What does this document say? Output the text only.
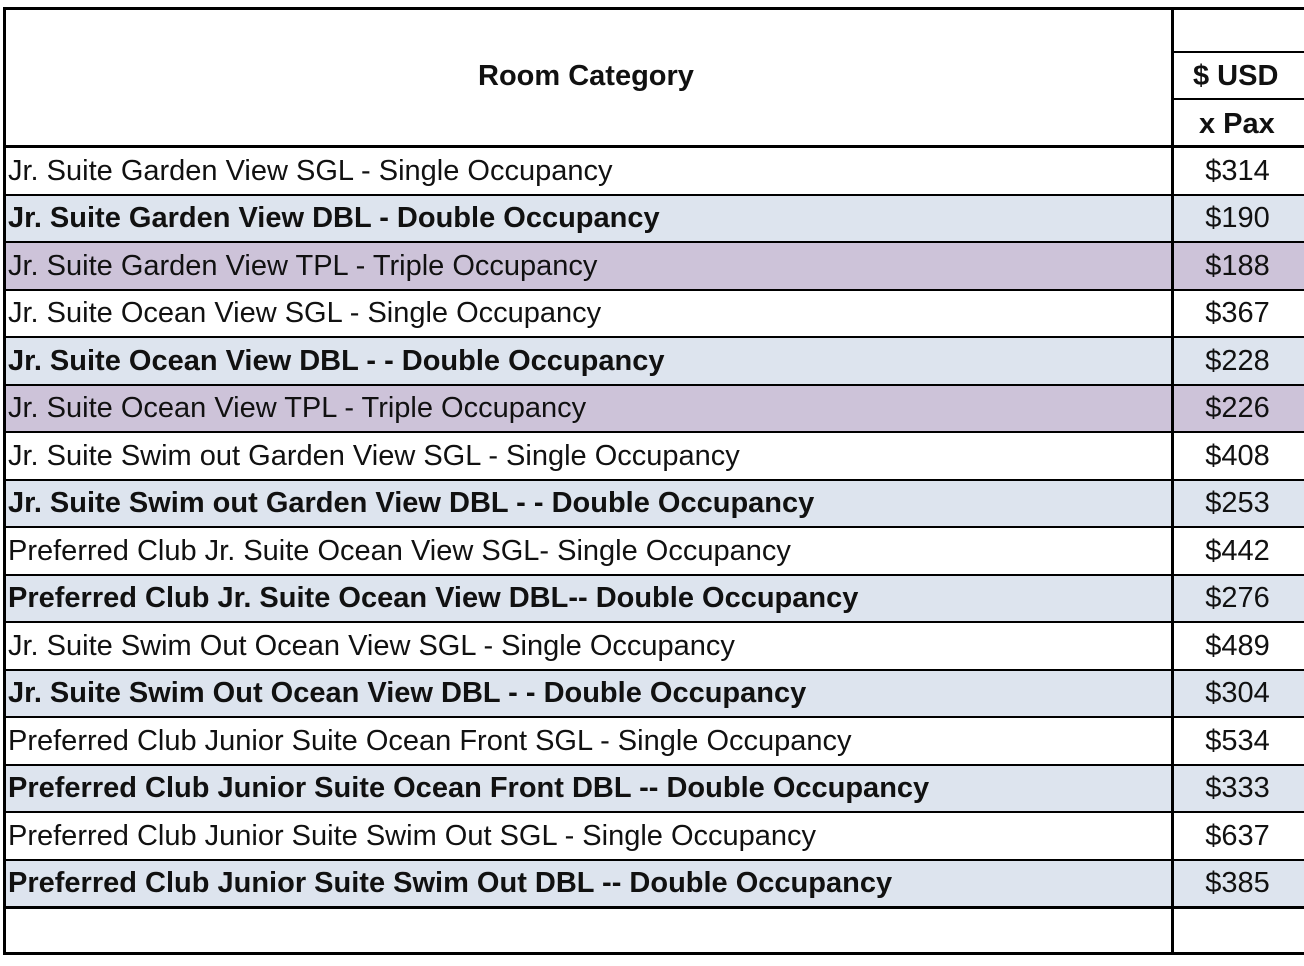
Room Category	$ USD
x Pax
Jr. Suite Garden View SGL - Single Occupancy	$314
Jr. Suite Garden View DBL - Double Occupancy	$190
Jr. Suite Garden View TPL - Triple Occupancy	$188
Jr. Suite Ocean View SGL - Single Occupancy	$367
Jr. Suite Ocean View DBL - - Double Occupancy	$228
Jr. Suite Ocean View TPL - Triple Occupancy	$226
Jr. Suite Swim out Garden View SGL - Single Occupancy	$408
Jr. Suite Swim out Garden View DBL - - Double Occupancy	$253
Preferred Club Jr. Suite Ocean View SGL- Single Occupancy	$442
Preferred Club Jr. Suite Ocean View DBL-- Double Occupancy	$276
Jr. Suite Swim Out Ocean View SGL - Single Occupancy	$489
Jr. Suite Swim Out Ocean View DBL - - Double Occupancy	$304
Preferred Club Junior Suite Ocean Front SGL - Single Occupancy	$534
Preferred Club Junior Suite Ocean Front DBL -- Double Occupancy	$333
Preferred Club Junior Suite Swim Out SGL - Single Occupancy	$637
Preferred Club Junior Suite Swim Out DBL -- Double Occupancy	$385
